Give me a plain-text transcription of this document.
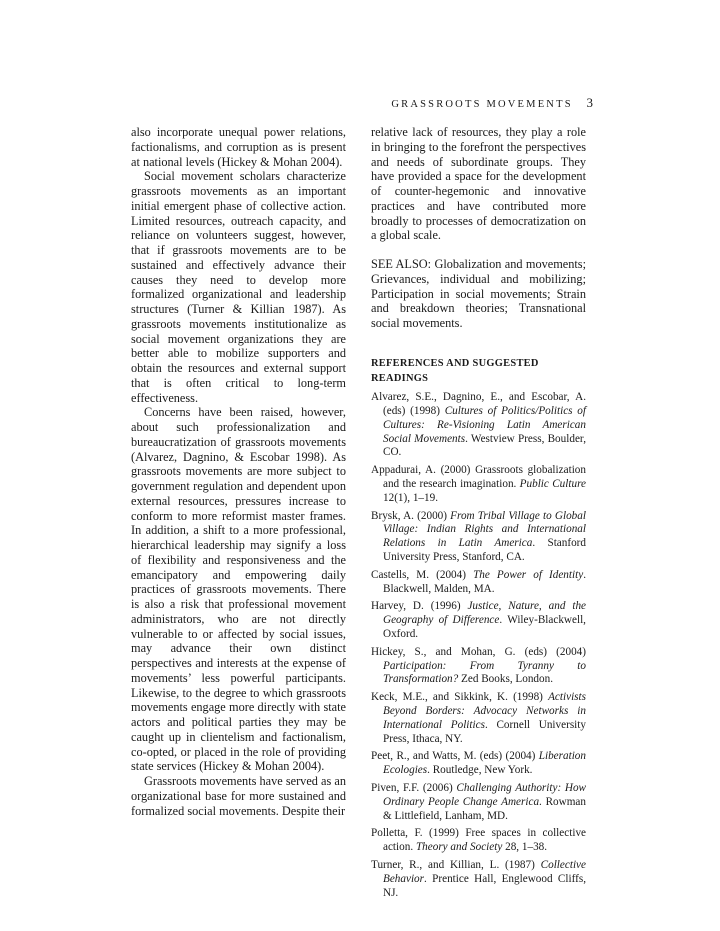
GRASSROOTS MOVEMENTS 3

also incorporate unequal power relations, factionalisms, and corruption as is present at national levels (Hickey & Mohan 2004).

Social movement scholars characterize grassroots movements as an important initial emergent phase of collective action. Limited resources, outreach capacity, and reliance on volunteers suggest, however, that if grassroots movements are to be sustained and effectively advance their causes they need to develop more formalized organizational and leadership structures (Turner & Killian 1987). As grassroots movements institutionalize as social movement organizations they are better able to mobilize supporters and obtain the resources and external support that is often critical to long-term effectiveness.

Concerns have been raised, however, about such professionalization and bureaucratization of grassroots movements (Alvarez, Dagnino, & Escobar 1998). As grassroots movements are more subject to government regulation and dependent upon external resources, pressures increase to conform to more reformist master frames. In addition, a shift to a more professional, hierarchical leadership may signify a loss of flexibility and responsiveness and the emancipatory and empowering daily practices of grassroots movements. There is also a risk that professional movement administrators, who are not directly vulnerable to or affected by social issues, may advance their own distinct perspectives and interests at the expense of movements’ less powerful participants. Likewise, to the degree to which grassroots movements engage more directly with state actors and political parties they may be caught up in clientelism and factionalism, co-opted, or placed in the role of providing state services (Hickey & Mohan 2004).

Grassroots movements have served as an organizational base for more sustained and formalized social movements. Despite their

relative lack of resources, they play a role in bringing to the forefront the perspectives and needs of subordinate groups. They have provided a space for the development of counter-hegemonic and innovative practices and have contributed more broadly to processes of democratization on a global scale.

SEE ALSO: Globalization and movements; Grievances, individual and mobilizing; Participation in social movements; Strain and breakdown theories; Transnational social movements.

REFERENCES AND SUGGESTED READINGS

Alvarez, S.E., Dagnino, E., and Escobar, A. (eds) (1998) Cultures of Politics/Politics of Cultures: Re-Visioning Latin American Social Movements. Westview Press, Boulder, CO.

Appadurai, A. (2000) Grassroots globalization and the research imagination. Public Culture 12(1), 1–19.

Brysk, A. (2000) From Tribal Village to Global Village: Indian Rights and International Relations in Latin America. Stanford University Press, Stanford, CA.

Castells, M. (2004) The Power of Identity. Blackwell, Malden, MA.

Harvey, D. (1996) Justice, Nature, and the Geography of Difference. Wiley-Blackwell, Oxford.

Hickey, S., and Mohan, G. (eds) (2004) Participation: From Tyranny to Transformation? Zed Books, London.

Keck, M.E., and Sikkink, K. (1998) Activists Beyond Borders: Advocacy Networks in International Politics. Cornell University Press, Ithaca, NY.

Peet, R., and Watts, M. (eds) (2004) Liberation Ecologies. Routledge, New York.

Piven, F.F. (2006) Challenging Authority: How Ordinary People Change America. Rowman & Littlefield, Lanham, MD.

Polletta, F. (1999) Free spaces in collective action. Theory and Society 28, 1–38.

Turner, R., and Killian, L. (1987) Collective Behavior. Prentice Hall, Englewood Cliffs, NJ.
